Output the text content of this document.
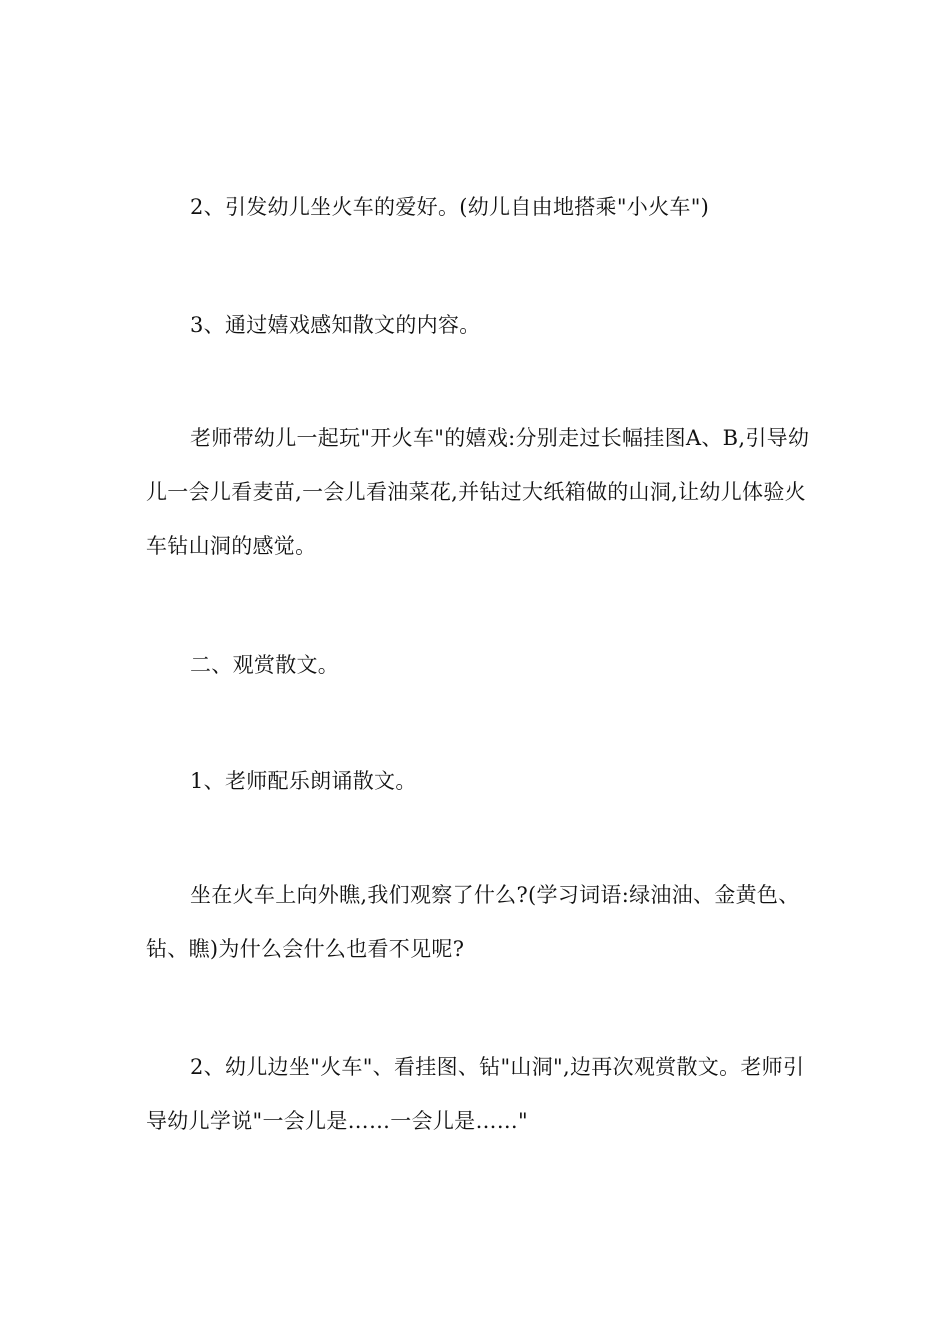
2、引发幼儿坐火车的爱好。(幼儿自由地搭乘"小火车")

3、通过嬉戏感知散文的内容。

老师带幼儿一起玩"开火车"的嬉戏:分别走过长幅挂图A、B,引导幼儿一会儿看麦苗,一会儿看油菜花,并钻过大纸箱做的山洞,让幼儿体验火车钻山洞的感觉。

二、观赏散文。

1、老师配乐朗诵散文。

坐在火车上向外瞧,我们观察了什么?(学习词语:绿油油、金黄色、钻、瞧)为什么会什么也看不见呢?

2、幼儿边坐"火车"、看挂图、钻"山洞",边再次观赏散文。老师引导幼儿学说"一会儿是……一会儿是……"
